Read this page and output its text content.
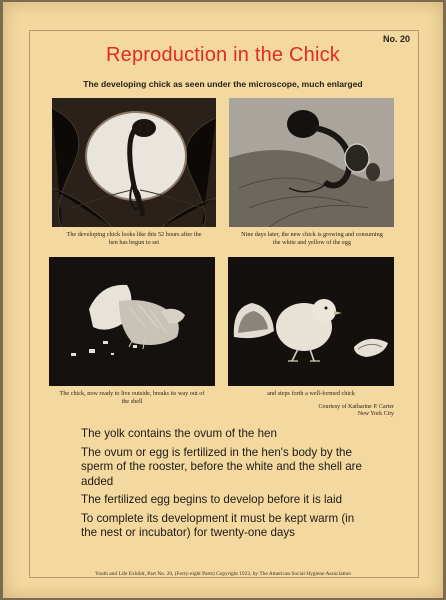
No. 20
Reproduction in the Chick
The developing chick as seen under the microscope, much enlarged
The developing chick looks like this 52 hours after the hen has begun to set
Nine days later, the new chick is growing and consuming the white and yellow of the egg
The chick, now ready to live outside, breaks its way out of the shell
and steps forth a well-formed chick
Courtesy of Katharine P. Carter
New York City
The yolk contains the ovum of the hen
The ovum or egg is fertilized in the hen's body by the sperm of the rooster, before the white and the shell are added
The fertilized egg begins to develop before it is laid
To complete its development it must be kept warm (in the nest or incubator) for twenty-one days
Youth and Life Exhibit, Part No. 20, (Forty-eight Parts) Copyright 1922, by The American Social Hygiene Association
